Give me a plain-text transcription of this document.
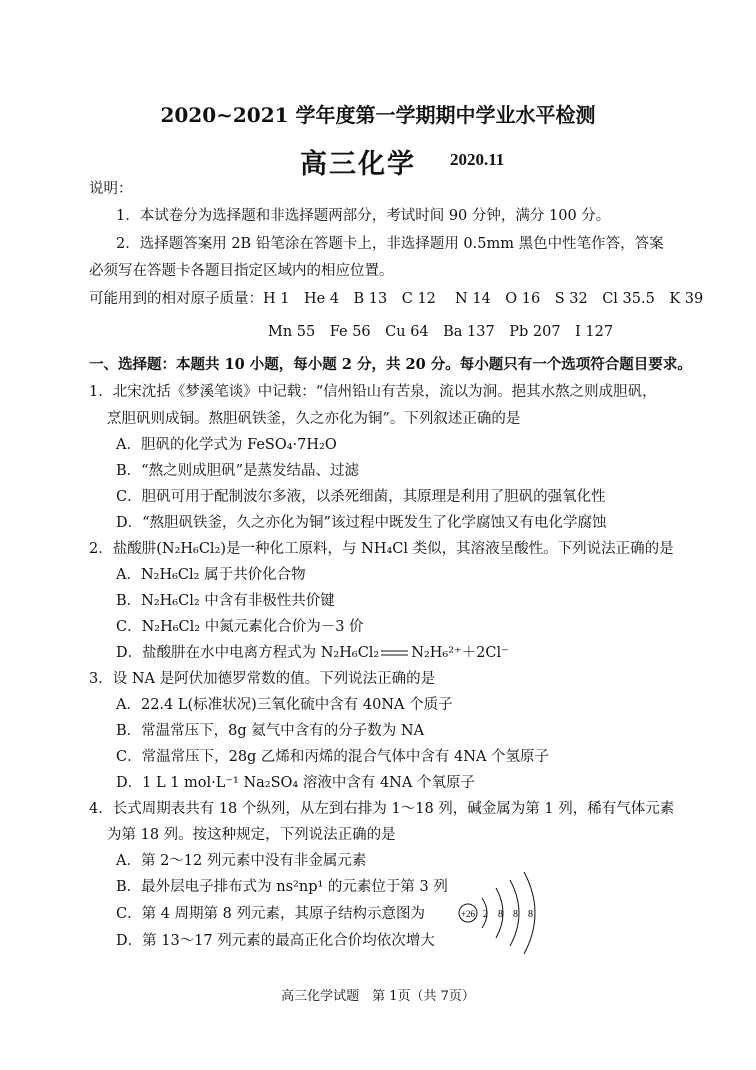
2020~2021 学年度第一学期期中学业水平检测
高三化学 2020.11
说明：
1．本试卷分为选择题和非选择题两部分，考试时间 90 分钟，满分 100 分。
2．选择题答案用 2B 铅笔涂在答题卡上，非选择题用 0.5mm 黑色中性笔作答，答案
必须写在答题卡各题目指定区域内的相应位置。
可能用到的相对原子质量：H 1　He 4　B 13　C 12　 N 14　O 16　S 32　Cl 35.5　K 39
Mn 55　Fe 56　Cu 64　Ba 137　Pb 207　I 127
一、选择题：本题共 10 小题，每小题 2 分，共 20 分。每小题只有一个选项符合题目要求。
1．北宋沈括《梦溪笔谈》中记载：“信州铅山有苦泉，流以为涧。挹其水熬之则成胆矾，
烹胆矾则成铜。熬胆矾铁釜，久之亦化为铜”。下列叙述正确的是
A．胆矾的化学式为 FeSO₄·7H₂O
B．“熬之则成胆矾”是蒸发结晶、过滤
C．胆矾可用于配制波尔多液，以杀死细菌，其原理是利用了胆矾的强氧化性
D．“熬胆矾铁釜，久之亦化为铜”该过程中既发生了化学腐蚀又有电化学腐蚀
2．盐酸肼(N₂H₆Cl₂)是一种化工原料，与 NH₄Cl 类似，其溶液呈酸性。下列说法正确的是
A．N₂H₆Cl₂ 属于共价化合物
B．N₂H₆Cl₂ 中含有非极性共价键
C．N₂H₆Cl₂ 中氮元素化合价为－3 价
D．盐酸肼在水中电离方程式为 N₂H₆Cl₂ N₂H₆²⁺＋2Cl⁻
3．设 NA 是阿伏加德罗常数的值。下列说法正确的是
A．22.4 L(标准状况)三氧化硫中含有 40NA 个质子
B．常温常压下，8g 氦气中含有的分子数为 NA
C．常温常压下，28g 乙烯和丙烯的混合气体中含有 4NA 个氢原子
D．1 L 1 mol·L⁻¹ Na₂SO₄ 溶液中含有 4NA 个氧原子
4．长式周期表共有 18 个纵列，从左到右排为 1～18 列，碱金属为第 1 列，稀有气体元素
为第 18 列。按这种规定，下列说法正确的是
A．第 2～12 列元素中没有非金属元素
B．最外层电子排布式为 ns²np¹ 的元素位于第 3 列
C．第 4 周期第 8 列元素，其原子结构示意图为
D．第 13～17 列元素的最高正化合价均依次增大
+26 2 8 8 8
高三化学试题　第 1页（共 7页）
